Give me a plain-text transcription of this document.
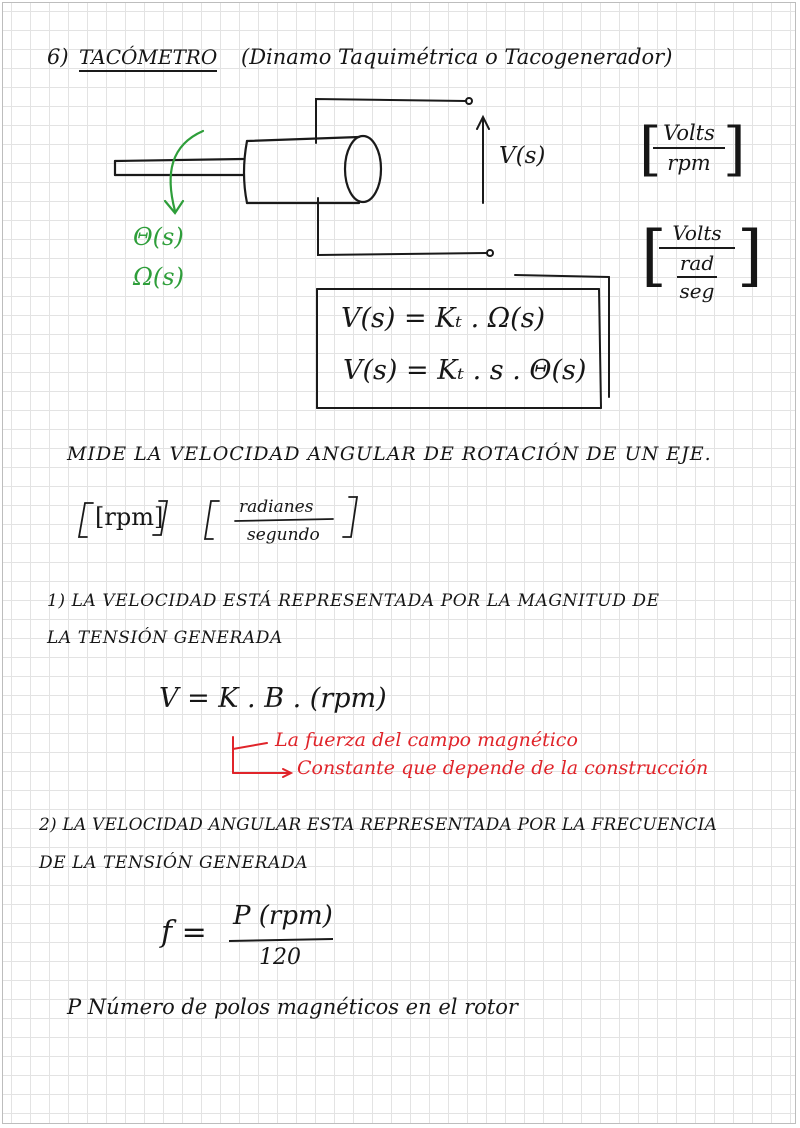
6) TACÓMETRO (Dinamo Taquimétrica o Tacogenerador)
Θ(s)
Ω(s)
V(s) [ Volts
rpm ]
[ Volts
rad
seg ]
V(s) = Kₜ . Ω(s)
V(s) = Kₜ . s . Θ(s)
MIDE LA VELOCIDAD ANGULAR DE ROTACIÓN DE UN EJE.
[rpm]	radianes
segundo
1) LA VELOCIDAD ESTÁ REPRESENTADA POR LA MAGNITUD DE
LA TENSIÓN GENERADA
V = K . B . (rpm)
La fuerza del campo magnético
Constante que depende de la construcción
2) LA VELOCIDAD ANGULAR ESTA REPRESENTADA POR LA FRECUENCIA
DE LA TENSIÓN GENERADA
f = P (rpm)
120
P Número de polos magnéticos en el rotor
